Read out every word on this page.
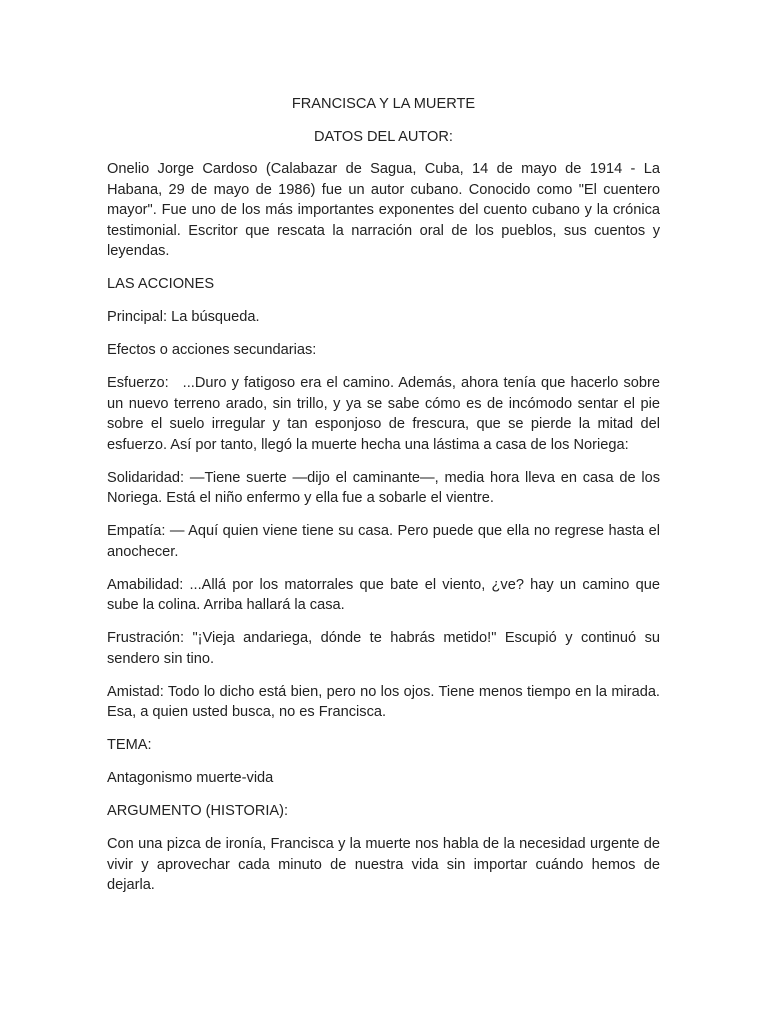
FRANCISCA Y LA MUERTE
DATOS DEL AUTOR:
Onelio Jorge Cardoso (Calabazar de Sagua, Cuba, 14 de mayo de 1914 - La Habana, 29 de mayo de 1986) fue un autor cubano. Conocido como "El cuentero mayor". Fue uno de los más importantes exponentes del cuento cubano y la crónica testimonial. Escritor que rescata la narración oral de los pueblos, sus cuentos y leyendas.
LAS ACCIONES
Principal: La búsqueda.
Efectos o acciones secundarias:
Esfuerzo: ...Duro y fatigoso era el camino. Además, ahora tenía que hacerlo sobre un nuevo terreno arado, sin trillo, y ya se sabe cómo es de incómodo sentar el pie sobre el suelo irregular y tan esponjoso de frescura, que se pierde la mitad del esfuerzo. Así por tanto, llegó la muerte hecha una lástima a casa de los Noriega:
Solidaridad: —Tiene suerte —dijo el caminante—, media hora lleva en casa de los Noriega. Está el niño enfermo y ella fue a sobarle el vientre.
Empatía: — Aquí quien viene tiene su casa. Pero puede que ella no regrese hasta el anochecer.
Amabilidad: ...Allá por los matorrales que bate el viento, ¿ve? hay un camino que sube la colina. Arriba hallará la casa.
Frustración: "¡Vieja andariega, dónde te habrás metido!" Escupió y continuó su sendero sin tino.
Amistad: Todo lo dicho está bien, pero no los ojos. Tiene menos tiempo en la mirada. Esa, a quien usted busca, no es Francisca.
TEMA:
Antagonismo muerte-vida
ARGUMENTO (HISTORIA):
Con una pizca de ironía, Francisca y la muerte nos habla de la necesidad urgente de vivir y aprovechar cada minuto de nuestra vida sin importar cuándo hemos de dejarla.
